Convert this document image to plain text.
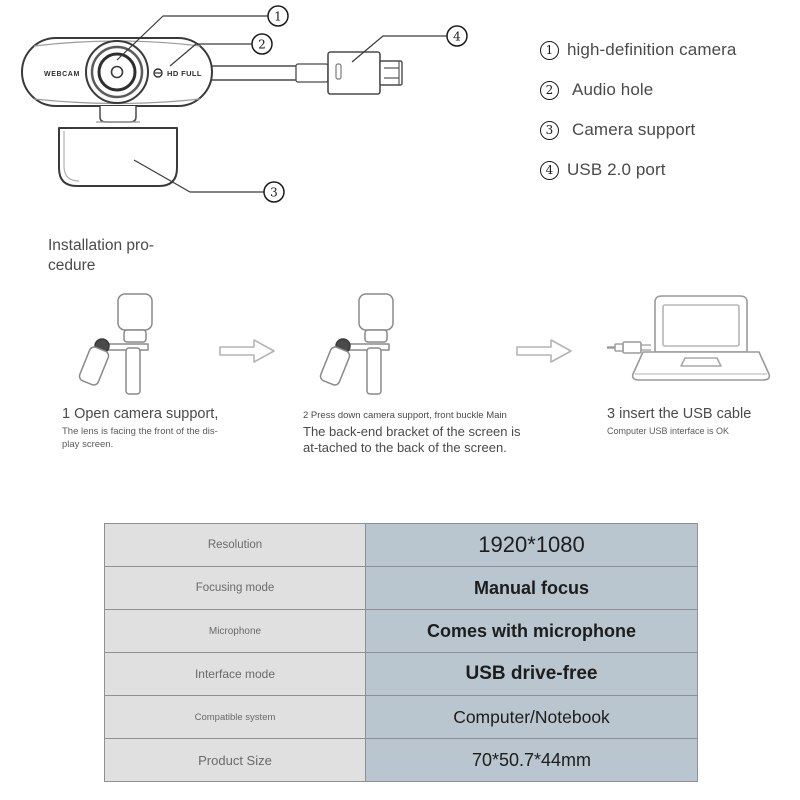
WEBCAM	HD FULL
1
2
3
4
1 high-definition camera
2	Audio hole
3	Camera support
4 USB 2.0 port
Installation pro- cedure
1 Open camera support,
The lens is facing the front of the dis-play screen.
2 Press down camera support, front buckle Main
The back-end bracket of the screen is at-tached to the back of the screen.
3 insert the USB cable
Computer USB interface is OK
Resolution	1920*1080
Focusing mode	Manual focus
Microphone	Comes with microphone
Interface mode	USB drive-free
Compatible system	Computer/Notebook
Product Size	70*50.7*44mm
